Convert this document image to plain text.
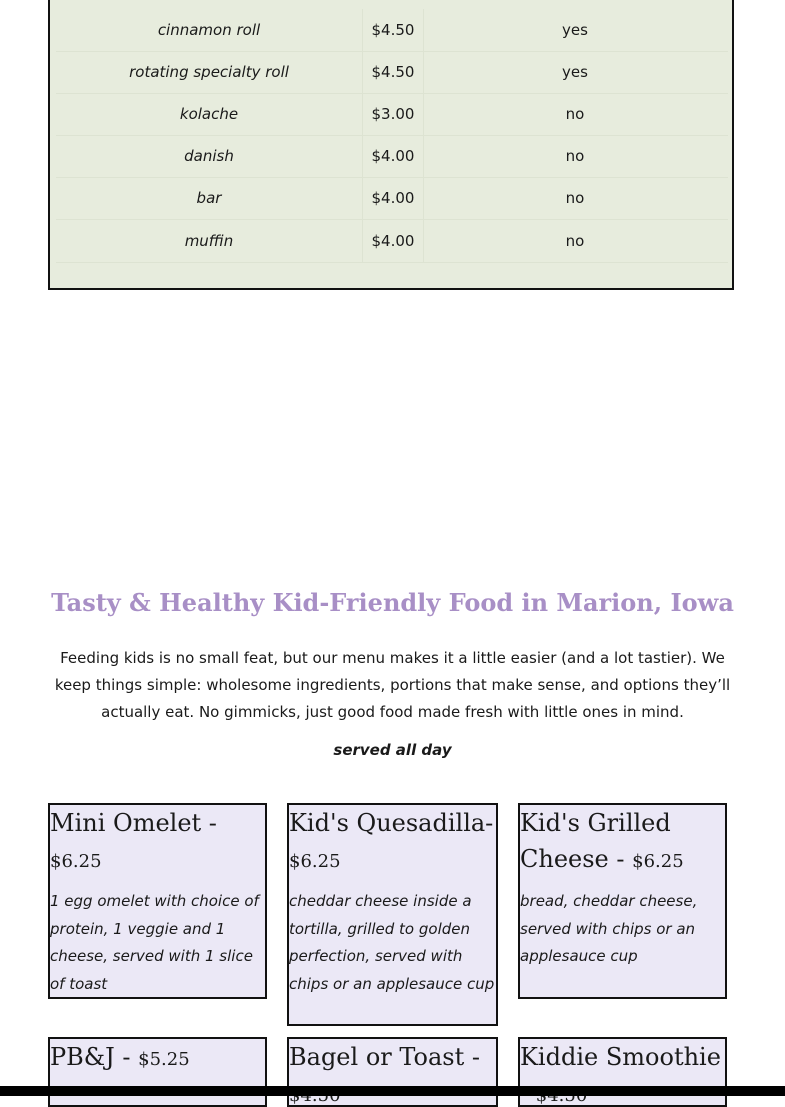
cinnamon roll	$4.50	yes
rotating specialty roll	$4.50	yes
kolache	$3.00	no
danish	$4.00	no
bar	$4.00	no
muffin	$4.00	no
Tasty & Healthy Kid-Friendly Food in Marion, Iowa

Feeding kids is no small feat, but our menu makes it a little easier (and a lot tastier). We keep things simple: wholesome ingredients, portions that make sense, and options they’ll actually eat. No gimmicks, just good food made fresh with little ones in mind.

served all day
Mini Omelet - $6.25
1 egg omelet with choice of protein, 1 veggie and 1 cheese, served with 1 slice of toast
Kid's Quesadilla- $6.25
cheddar cheese inside a tortilla, grilled to golden perfection, served with chips or an applesauce cup
Kid's Grilled Cheese - $6.25
bread, cheddar cheese, served with chips or an applesauce cup
PB&J - $5.25	Bagel or Toast -	Kiddie Smoothie
